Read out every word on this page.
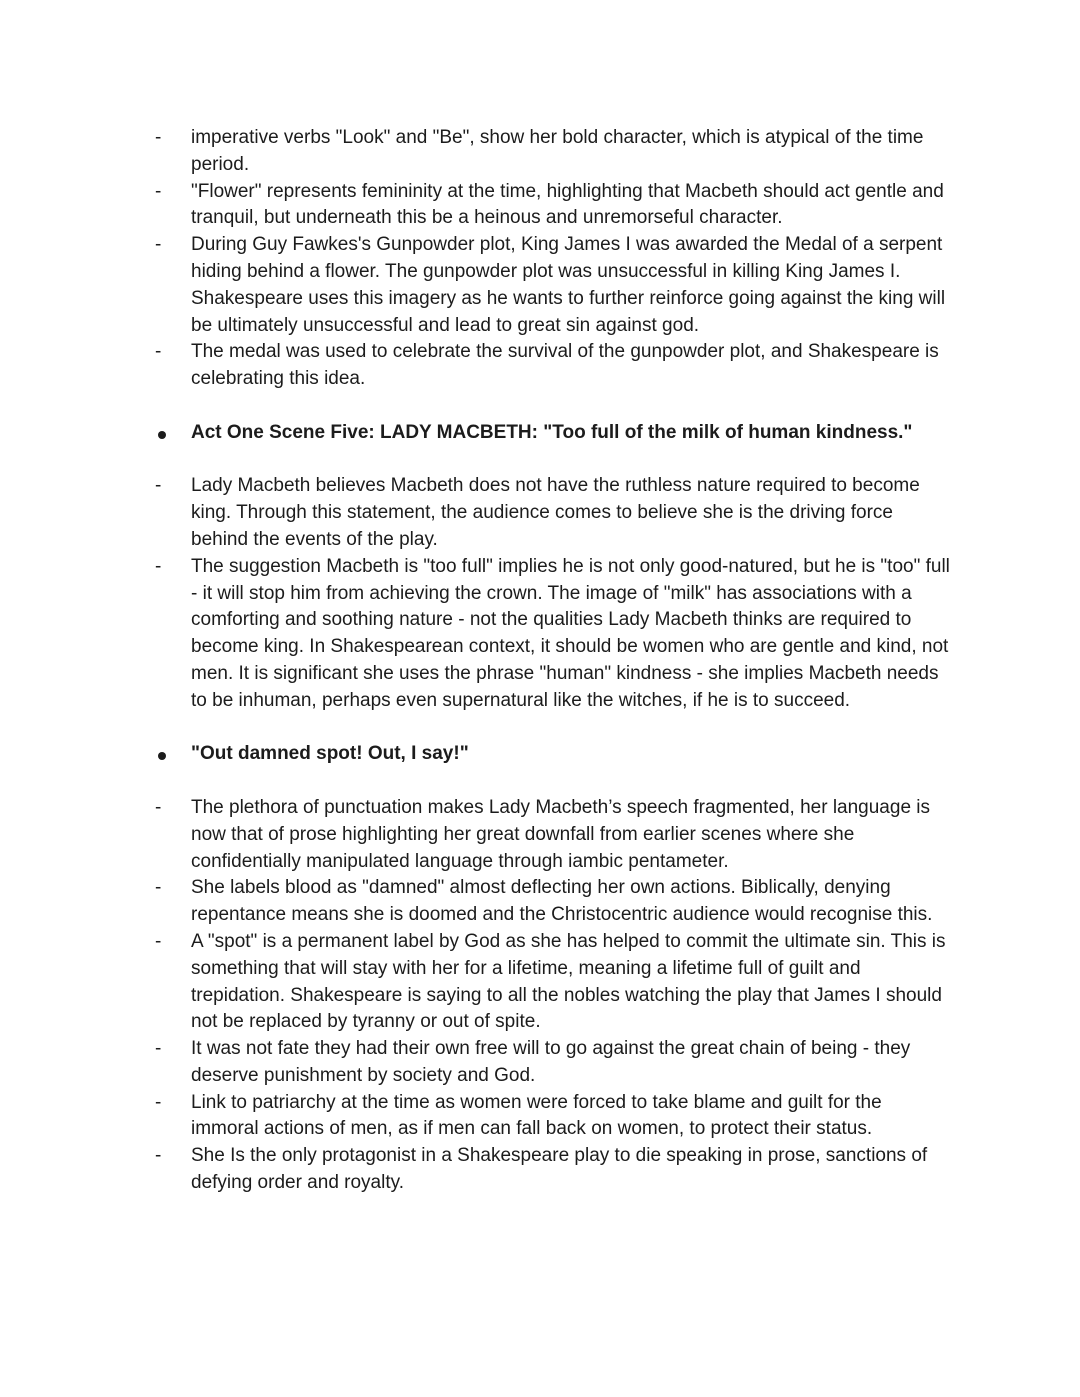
-	imperative verbs "Look" and "Be", show her bold character, which is atypical of the time period.
-	"Flower" represents femininity at the time, highlighting that Macbeth should act gentle and tranquil, but underneath this be a heinous and unremorseful character.
-	During Guy Fawkes's Gunpowder plot, King James I was awarded the Medal of a serpent hiding behind a flower. The gunpowder plot was unsuccessful in killing King James I. Shakespeare uses this imagery as he wants to further reinforce going against the king will be ultimately unsuccessful and lead to great sin against god.
-	The medal was used to celebrate the survival of the gunpowder plot, and Shakespeare is celebrating this idea.
Act One Scene Five: LADY MACBETH: "Too full of the milk of human kindness."
-	Lady Macbeth believes Macbeth does not have the ruthless nature required to become king. Through this statement, the audience comes to believe she is the driving force behind the events of the play.
-	The suggestion Macbeth is "too full" implies he is not only good-natured, but he is "too" full - it will stop him from achieving the crown. The image of "milk" has associations with a comforting and soothing nature - not the qualities Lady Macbeth thinks are required to become king. In Shakespearean context, it should be women who are gentle and kind, not men. It is significant she uses the phrase "human" kindness - she implies Macbeth needs to be inhuman, perhaps even supernatural like the witches, if he is to succeed.
"Out damned spot! Out, I say!"
-	The plethora of punctuation makes Lady Macbeth’s speech fragmented, her language is now that of prose highlighting her great downfall from earlier scenes where she confidentially manipulated language through iambic pentameter.
-	She labels blood as "damned" almost deflecting her own actions. Biblically, denying repentance means she is doomed and the Christocentric audience would recognise this.
-	A "spot" is a permanent label by God as she has helped to commit the ultimate sin. This is something that will stay with her for a lifetime, meaning a lifetime full of guilt and trepidation. Shakespeare is saying to all the nobles watching the play that James I should not be replaced by tyranny or out of spite.
-	It was not fate they had their own free will to go against the great chain of being - they deserve punishment by society and God.
-	Link to patriarchy at the time as women were forced to take blame and guilt for the immoral actions of men, as if men can fall back on women, to protect their status.
-	She Is the only protagonist in a Shakespeare play to die speaking in prose, sanctions of defying order and royalty.
